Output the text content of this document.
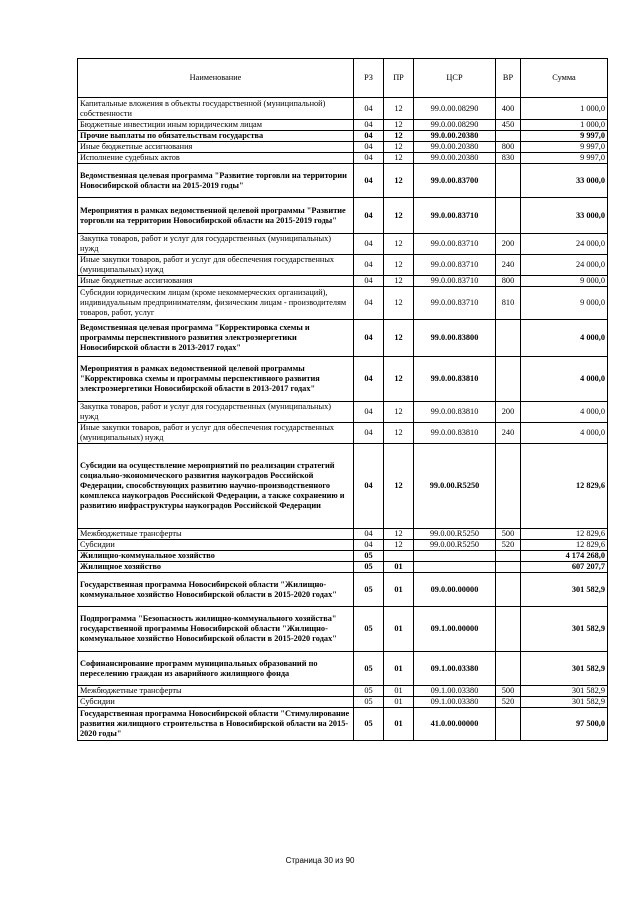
Наименование	РЗ	ПР	ЦСР	ВР	Сумма
Капитальные вложения в объекты государственной (муниципальной) собственности	04	12	99.0.00.08290	400	1 000,0
Бюджетные инвестиции иным юридическим лицам	04	12	99.0.00.08290	450	1 000,0
Прочие выплаты по обязательствам государства	04	12	99.0.00.20380		9 997,0
Иные бюджетные ассигнования	04	12	99.0.00.20380	800	9 997,0
Исполнение судебных актов	04	12	99.0.00.20380	830	9 997,0
Ведомственная целевая программа "Развитие торговли на территории Новосибирской области на 2015-2019 годы"	04	12	99.0.00.83700		33 000,0
Мероприятия в рамках ведомственной целевой программы "Развитие торговли на территории Новосибирской области на 2015-2019 годы"	04	12	99.0.00.83710		33 000,0
Закупка товаров, работ и услуг для государственных (муниципальных) нужд	04	12	99.0.00.83710	200	24 000,0
Иные закупки товаров, работ и услуг для обеспечения государственных (муниципальных) нужд	04	12	99.0.00.83710	240	24 000,0
Иные бюджетные ассигнования	04	12	99.0.00.83710	800	9 000,0
Субсидии юридическим лицам (кроме некоммерческих организаций), индивидуальным предпринимателям, физическим лицам - производителям товаров, работ, услуг	04	12	99.0.00.83710	810	9 000,0
Ведомственная целевая программа "Корректировка схемы и программы перспективного развития электроэнергетики Новосибирской области в 2013-2017 годах"	04	12	99.0.00.83800		4 000,0
Мероприятия в рамках ведомственной целевой программы "Корректировка схемы и программы перспективного развития электроэнергетики Новосибирской области в 2013-2017 годах"	04	12	99.0.00.83810		4 000,0
Закупка товаров, работ и услуг для государственных (муниципальных) нужд	04	12	99.0.00.83810	200	4 000,0
Иные закупки товаров, работ и услуг для обеспечения государственных (муниципальных) нужд	04	12	99.0.00.83810	240	4 000,0
Субсидии на осуществление мероприятий по реализации стратегий социально-экономического развития наукоградов Российской Федерации, способствующих развитию научно-производственного комплекса наукоградов Российской Федерации, а также сохранению и развитию инфраструктуры наукоградов Российской Федерации	04	12	99.0.00.R5250		12 829,6
Межбюджетные трансферты	04	12	99.0.00.R5250	500	12 829,6
Субсидии	04	12	99.0.00.R5250	520	12 829,6
Жилищно-коммунальное хозяйство	05				4 174 268,0
Жилищное хозяйство	05	01			607 207,7
Государственная программа Новосибирской области "Жилищно-коммунальное хозяйство Новосибирской области в 2015-2020 годах"	05	01	09.0.00.00000		301 582,9
Подпрограмма "Безопасность жилищно-коммунального хозяйства" государственной программы Новосибирской области "Жилищно-коммунальное хозяйство Новосибирской области в 2015-2020 годах"	05	01	09.1.00.00000		301 582,9
Софинансирование программ муниципальных образований по переселению граждан из аварийного жилищного фонда	05	01	09.1.00.03380		301 582,9
Межбюджетные трансферты	05	01	09.1.00.03380	500	301 582,9
Субсидии	05	01	09.1.00.03380	520	301 582,9
Государственная программа Новосибирской области "Стимулирование развития жилищного строительства в Новосибирской области на 2015-2020 годы"	05	01	41.0.00.00000		97 500,0
Страница 30 из 90
